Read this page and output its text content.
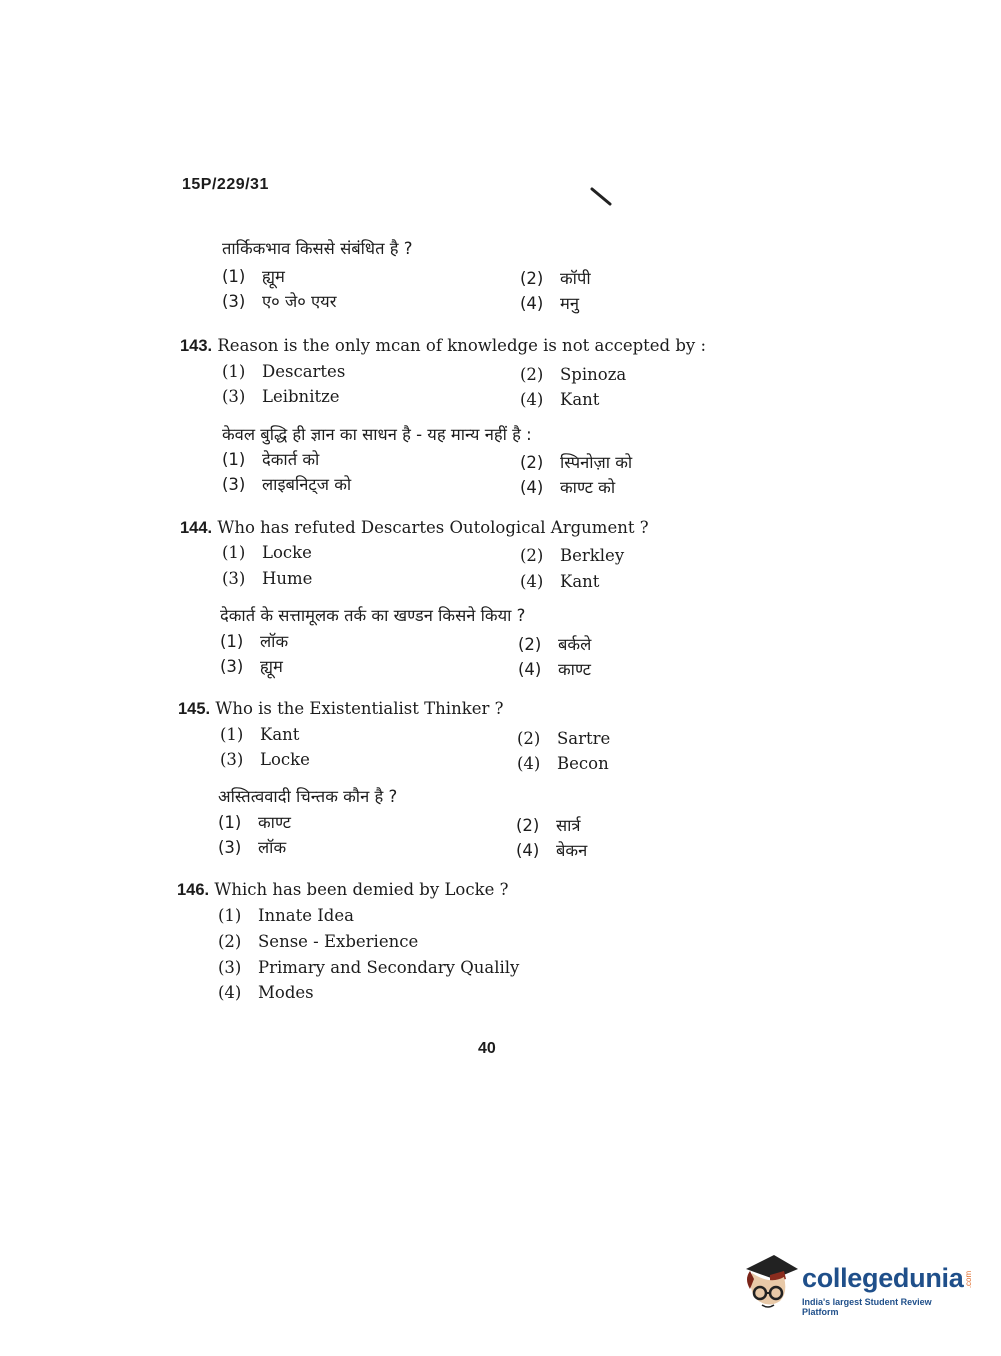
15P/229/31
तार्किकभाव किससे संबंधित है ?
(1) ह्यूम	(2) कॉपी
(3) ए० जे० एयर	(4) मनु
143. Reason is the only mcan of knowledge is not accepted by :
(1) Descartes	(2) Spinoza
(3) Leibnitze	(4) Kant
केवल बुद्धि ही ज्ञान का साधन है - यह मान्य नहीं है :
(1) देकार्त को	(2) स्पिनोज़ा को
(3) लाइबनिट्ज को	(4) काण्ट को
144. Who has refuted Descartes Outological Argument ?
(1) Locke	(2) Berkley
(3) Hume	(4) Kant
देकार्त के सत्तामूलक तर्क का खण्डन किसने किया ?
(1) लॉक	(2) बर्कले
(3) ह्यूम	(4) काण्ट
145. Who is the Existentialist Thinker ?
(1) Kant	(2) Sartre
(3) Locke	(4) Becon
अस्तित्ववादी चिन्तक कौन है ?
(1) काण्ट	(2) सार्त्र
(3) लॉक	(4) बेकन
146. Which has been demied by Locke ?
(1) Innate Idea
(2) Sense - Exberience
(3) Primary and Secondary Qualily
(4) Modes
40
collegedunia .com
India's largest Student Review Platform
